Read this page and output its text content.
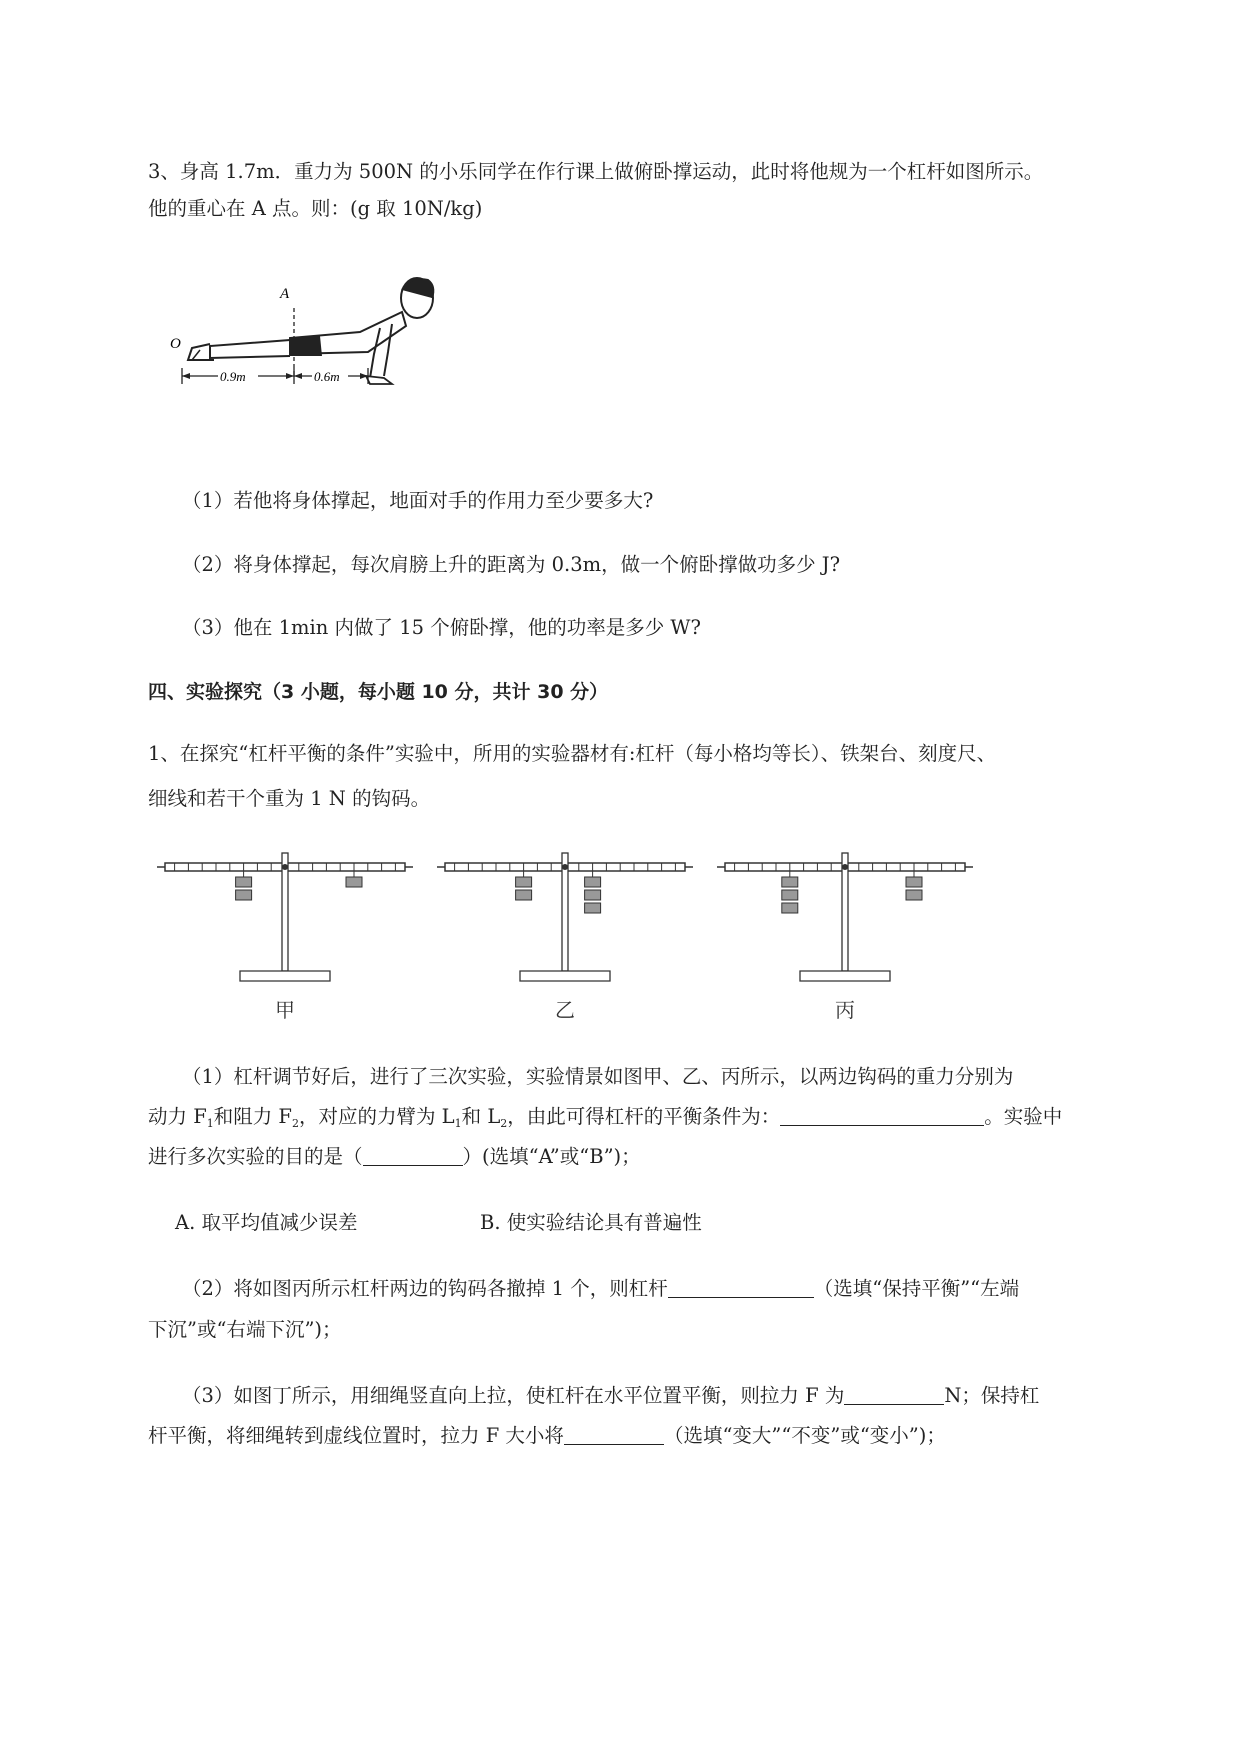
3、身高 1.7m．重力为 500N 的小乐同学在作行课上做俯卧撑运动，此时将他规为一个杠杆如图所示。
他的重心在 A 点。则：(g 取 10N/kg)
0.9m	0.6m
A
O
（1）若他将身体撑起，地面对手的作用力至少要多大?
（2）将身体撑起，每次肩膀上升的距离为 0.3m，做一个俯卧撑做功多少 J?
（3）他在 1min 内做了 15 个俯卧撑，他的功率是多少 W?
四、实验探究（3 小题，每小题 10 分，共计 30 分）
1、在探究“杠杆平衡的条件”实验中，所用的实验器材有:杠杆（每小格均等长）、铁架台、刻度尺、
细线和若干个重为 1 N 的钩码。
甲	乙	丙
（1）杠杆调节好后，进行了三次实验，实验情景如图甲、乙、丙所示，以两边钩码的重力分别为
动力 $F_1$和阻力 $F_2$，对应的力臂为 $L_1$和 $L_2$，由此可得杠杆的平衡条件为：	。实验中
进行多次实验的目的是（	）(选填“A”或“B”)；
A. 取平均值减少误差	B. 使实验结论具有普遍性
（2）将如图丙所示杠杆两边的钩码各撤掉 1 个，则杠杆	（选填“保持平衡”“左端
下沉”或“右端下沉”)；
（3）如图丁所示，用细绳竖直向上拉，使杠杆在水平位置平衡，则拉力 F 为	N；保持杠
杆平衡，将细绳转到虚线位置时，拉力 F 大小将	（选填“变大”“不变”或“变小”)；
